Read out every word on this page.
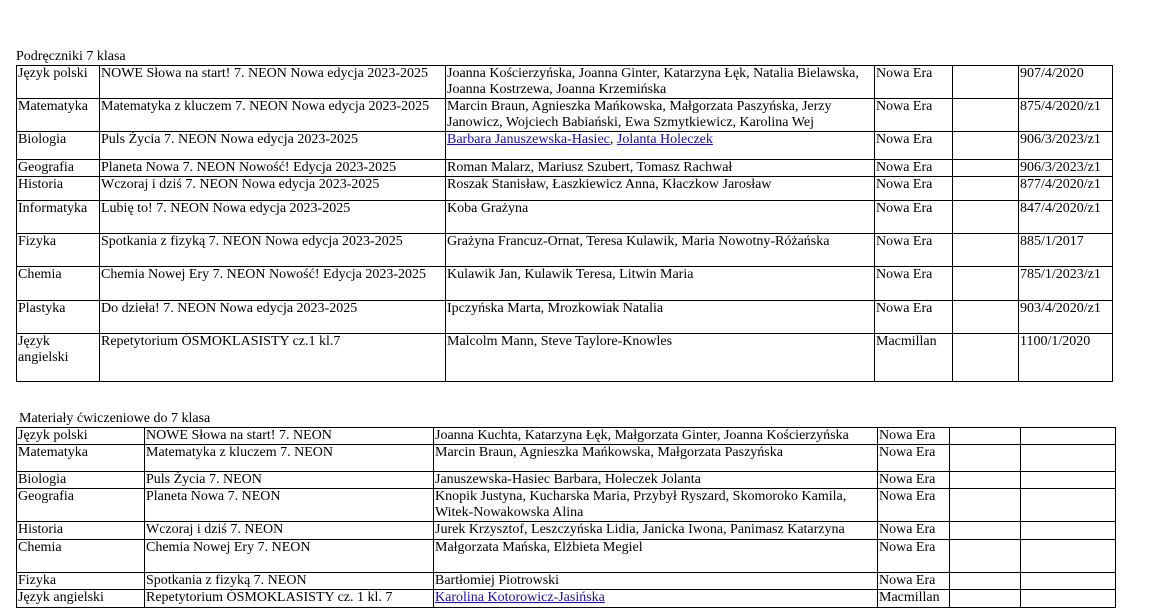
Podręczniki 7 klasa
Język polski	NOWE Słowa na start! 7. NEON Nowa edycja 2023-2025	Joanna Kościerzyńska, Joanna Ginter, Katarzyna Łęk, Natalia Bielawska, Joanna Kostrzewa, Joanna Krzemińska	Nowa Era		907/4/2020
Matematyka	Matematyka z kluczem 7. NEON Nowa edycja 2023-2025	Marcin Braun, Agnieszka Mańkowska, Małgorzata Paszyńska, Jerzy Janowicz, Wojciech Babiański, Ewa Szmytkiewicz, Karolina Wej	Nowa Era		875/4/2020/z1
Biologia	Puls Życia 7. NEON Nowa edycja 2023-2025	Barbara Januszewska-Hasiec, Jolanta Holeczek	Nowa Era		906/3/2023/z1
Geografia	Planeta Nowa 7. NEON Nowość! Edycja 2023-2025	Roman Malarz, Mariusz Szubert, Tomasz Rachwał	Nowa Era		906/3/2023/z1
Historia	Wczoraj i dziś 7. NEON Nowa edycja 2023-2025	Roszak Stanisław, Łaszkiewicz Anna, Kłaczkow Jarosław	Nowa Era		877/4/2020/z1
Informatyka	Lubię to! 7. NEON Nowa edycja 2023-2025	Koba Grażyna	Nowa Era		847/4/2020/z1
Fizyka	Spotkania z fizyką 7. NEON Nowa edycja 2023-2025	Grażyna Francuz-Ornat, Teresa Kulawik, Maria Nowotny-Różańska	Nowa Era		885/1/2017
Chemia	Chemia Nowej Ery 7. NEON Nowość! Edycja 2023-2025	Kulawik Jan, Kulawik Teresa, Litwin Maria	Nowa Era		785/1/2023/z1
Plastyka	Do dzieła! 7. NEON Nowa edycja 2023-2025	Ipczyńska Marta, Mrozkowiak Natalia	Nowa Era		903/4/2020/z1
Język angielski	Repetytorium ÓSMOKLASISTY cz.1 kl.7	Malcolm Mann, Steve Taylore-Knowles	Macmillan		1100/1/2020
Materiały ćwiczeniowe do 7 klasa
Język polski	NOWE Słowa na start! 7. NEON	Joanna Kuchta, Katarzyna Łęk, Małgorzata Ginter, Joanna Kościerzyńska	Nowa Era		
Matematyka	Matematyka z kluczem 7. NEON	Marcin Braun, Agnieszka Mańkowska, Małgorzata Paszyńska	Nowa Era		
Biologia	Puls Życia 7. NEON	Januszewska-Hasiec Barbara, Holeczek Jolanta	Nowa Era		
Geografia	Planeta Nowa 7. NEON	Knopik Justyna, Kucharska Maria, Przybył Ryszard, Skomoroko Kamila, Witek-Nowakowska Alina	Nowa Era		
Historia	Wczoraj i dziś 7. NEON	Jurek Krzysztof, Leszczyńska Lidia, Janicka Iwona, Panimasz Katarzyna	Nowa Era		
Chemia	Chemia Nowej Ery 7. NEON	Małgorzata Mańska, Elżbieta Megiel	Nowa Era		
Fizyka	Spotkania z fizyką 7. NEON	Bartłomiej Piotrowski	Nowa Era		
Język angielski	Repetytorium ÓSMOKLASISTY cz. 1 kl. 7	Karolina Kotorowicz-Jasińska	Macmillan		
